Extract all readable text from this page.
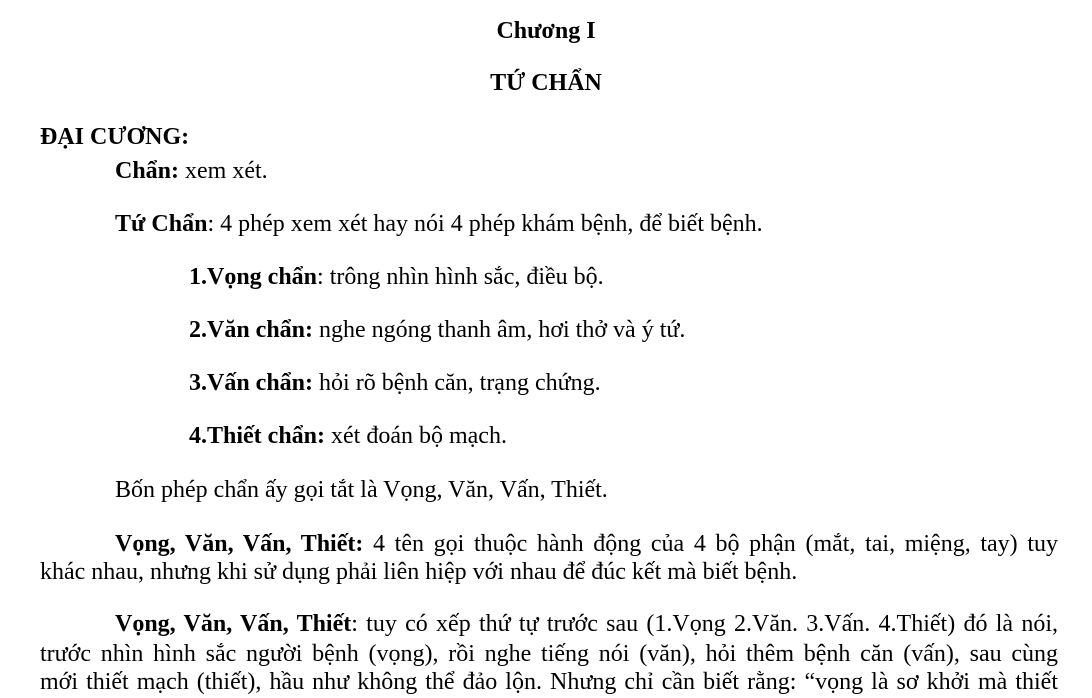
Chương I
TỨ CHẨN
ĐẠI CƯƠNG:
Chẩn: xem xét.
Tứ Chẩn: 4 phép xem xét hay nói 4 phép khám bệnh, để biết bệnh.
1.Vọng chẩn: trông nhìn hình sắc, điều bộ.
2.Văn chẩn: nghe ngóng thanh âm, hơi thở và ý tứ.
3.Vấn chẩn: hỏi rõ bệnh căn, trạng chứng.
4.Thiết chẩn: xét đoán bộ mạch.
Bốn phép chẩn ấy gọi tắt là Vọng, Văn, Vấn, Thiết.
Vọng, Văn, Vấn, Thiết: 4 tên gọi thuộc hành động của 4 bộ phận (mắt, tai, miệng, tay) tuy
khác nhau, nhưng khi sử dụng phải liên hiệp với nhau để đúc kết mà biết bệnh.
Vọng, Văn, Vấn, Thiết: tuy có xếp thứ tự trước sau (1.Vọng 2.Văn. 3.Vấn. 4.Thiết) đó là nói,
trước nhìn hình sắc người bệnh (vọng), rồi nghe tiếng nói (văn), hỏi thêm bệnh căn (vấn), sau cùng
mới thiết mạch (thiết), hầu như không thể đảo lộn. Nhưng chỉ cần biết rằng: “vọng là sơ khởi mà thiết
